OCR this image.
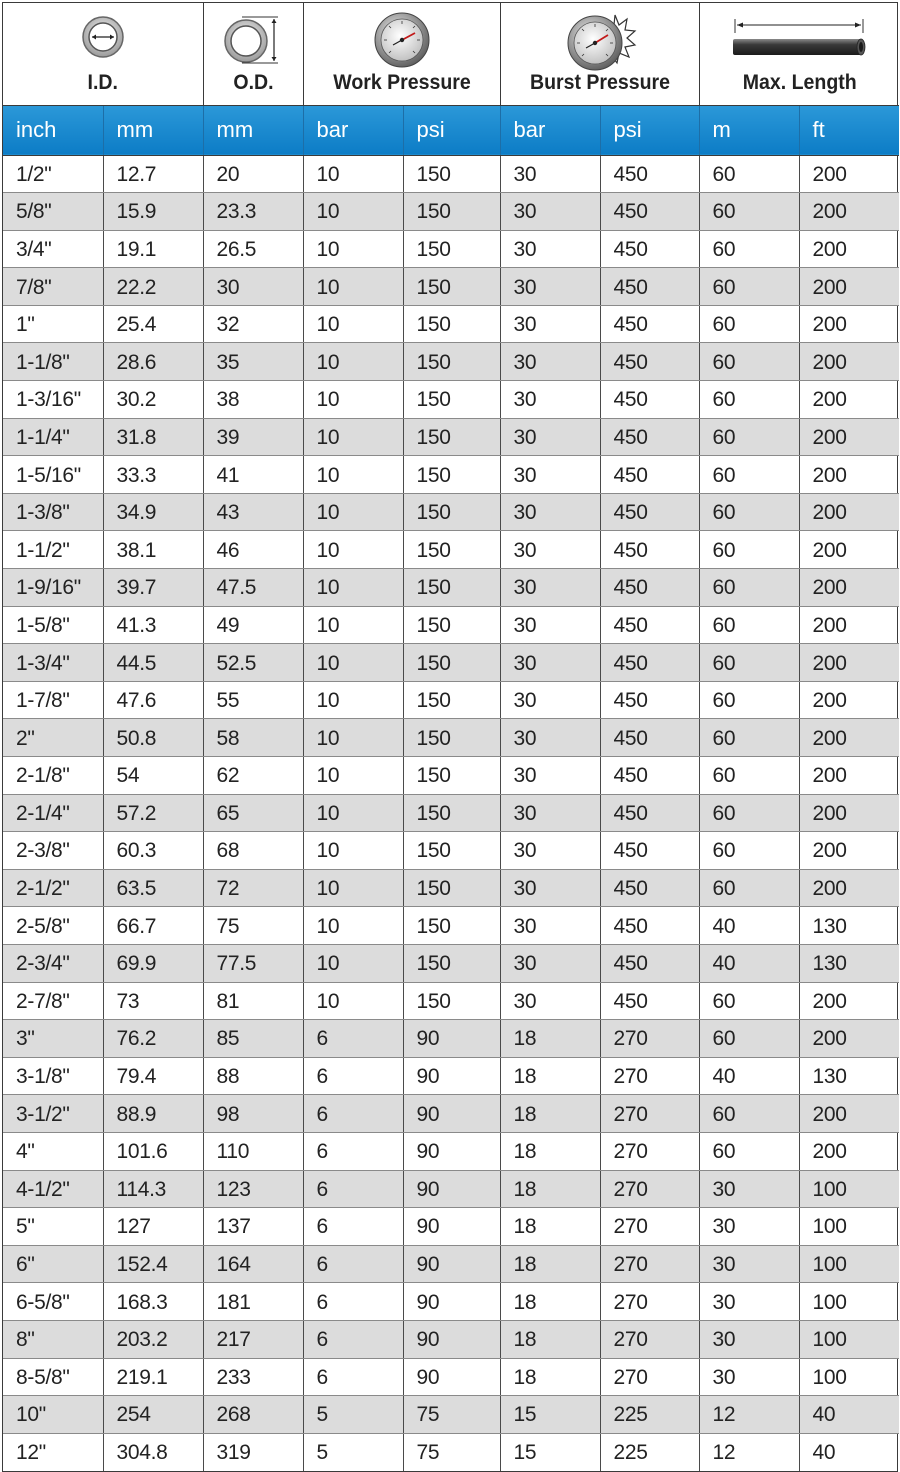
I.D.		O.D.	Work Pressure		Burst Pressure		Max. Length	

inch	mm	mm	bar	psi	bar	psi	m	ft
1/2"	12.7	20	10	150	30	450	60	200
5/8"	15.9	23.3	10	150	30	450	60	200
3/4"	19.1	26.5	10	150	30	450	60	200
7/8"	22.2	30	10	150	30	450	60	200
1"	25.4	32	10	150	30	450	60	200
1-1/8"	28.6	35	10	150	30	450	60	200
1-3/16"	30.2	38	10	150	30	450	60	200
1-1/4"	31.8	39	10	150	30	450	60	200
1-5/16"	33.3	41	10	150	30	450	60	200
1-3/8"	34.9	43	10	150	30	450	60	200
1-1/2"	38.1	46	10	150	30	450	60	200
1-9/16"	39.7	47.5	10	150	30	450	60	200
1-5/8"	41.3	49	10	150	30	450	60	200
1-3/4"	44.5	52.5	10	150	30	450	60	200
1-7/8"	47.6	55	10	150	30	450	60	200
2"	50.8	58	10	150	30	450	60	200
2-1/8"	54	62	10	150	30	450	60	200
2-1/4"	57.2	65	10	150	30	450	60	200
2-3/8"	60.3	68	10	150	30	450	60	200
2-1/2"	63.5	72	10	150	30	450	60	200
2-5/8"	66.7	75	10	150	30	450	40	130
2-3/4"	69.9	77.5	10	150	30	450	40	130
2-7/8"	73	81	10	150	30	450	60	200
3"	76.2	85	6	90	18	270	60	200
3-1/8"	79.4	88	6	90	18	270	40	130
3-1/2"	88.9	98	6	90	18	270	60	200
4"	101.6	110	6	90	18	270	60	200
4-1/2"	114.3	123	6	90	18	270	30	100
5"	127	137	6	90	18	270	30	100
6"	152.4	164	6	90	18	270	30	100
6-5/8"	168.3	181	6	90	18	270	30	100
8"	203.2	217	6	90	18	270	30	100
8-5/8"	219.1	233	6	90	18	270	30	100
10"	254	268	5	75	15	225	12	40
12"	304.8	319	5	75	15	225	12	40
